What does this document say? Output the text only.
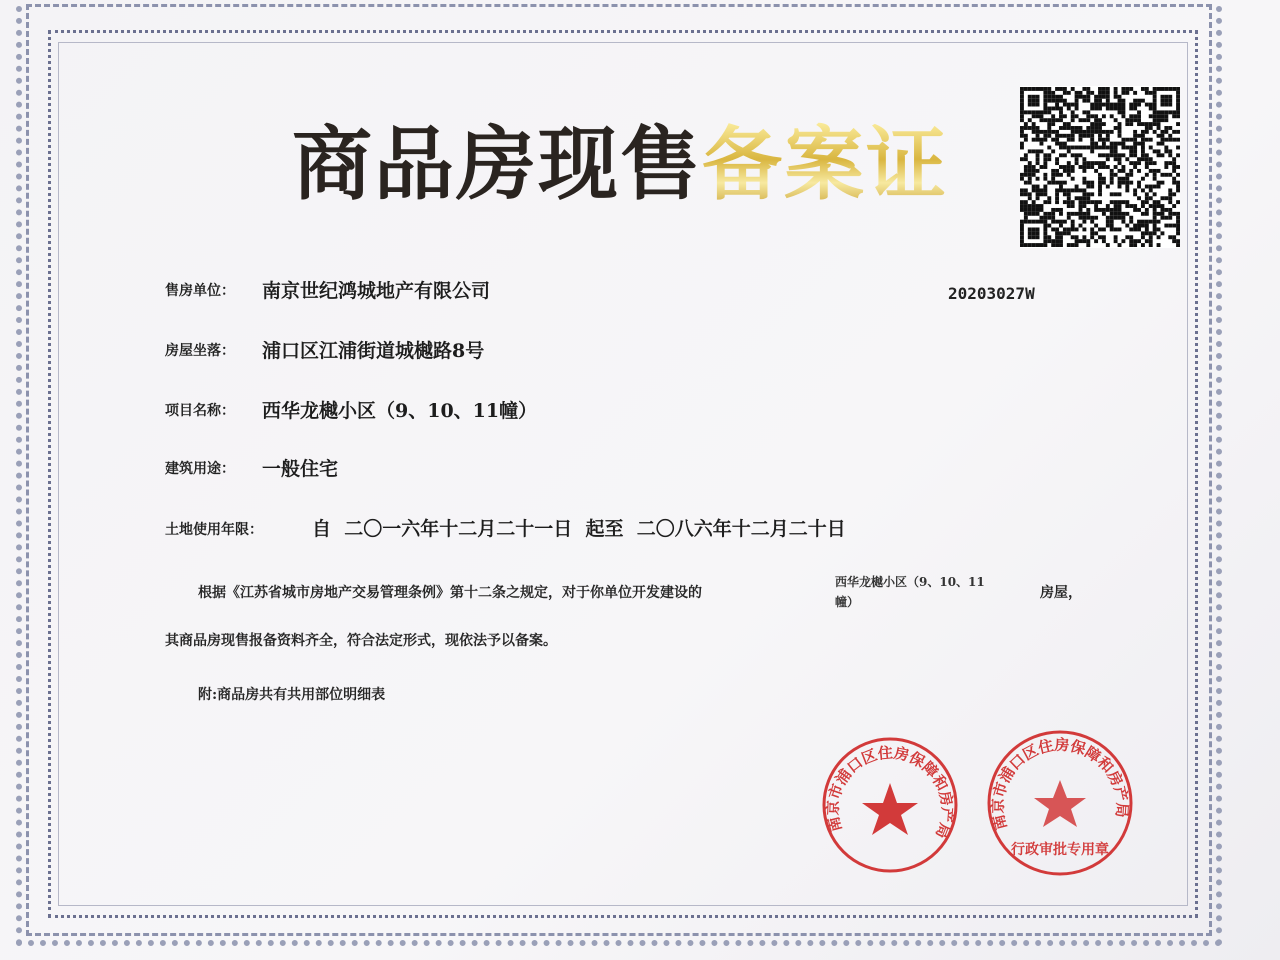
商品房现售备案证
20203027W
售房单位： 南京世纪鸿城地产有限公司
房屋坐落： 浦口区江浦街道城樾路8号
项目名称： 西华龙樾小区（9、10、11幢）
建筑用途： 一般住宅
土地使用年限：	自  二〇一六年十二月二十一日  起至  二〇八六年十二月二十日
根据《江苏省城市房地产交易管理条例》第十二条之规定，对于你单位开发建设的
西华龙樾小区（9、10、11
幢）
房屋，
其商品房现售报备资料齐全，符合法定形式，现依法予以备案。
附:商品房共有共用部位明细表
南京市浦口区住房保障和房产局 南京市浦口区住房保障和房产局
行政审批专用章
